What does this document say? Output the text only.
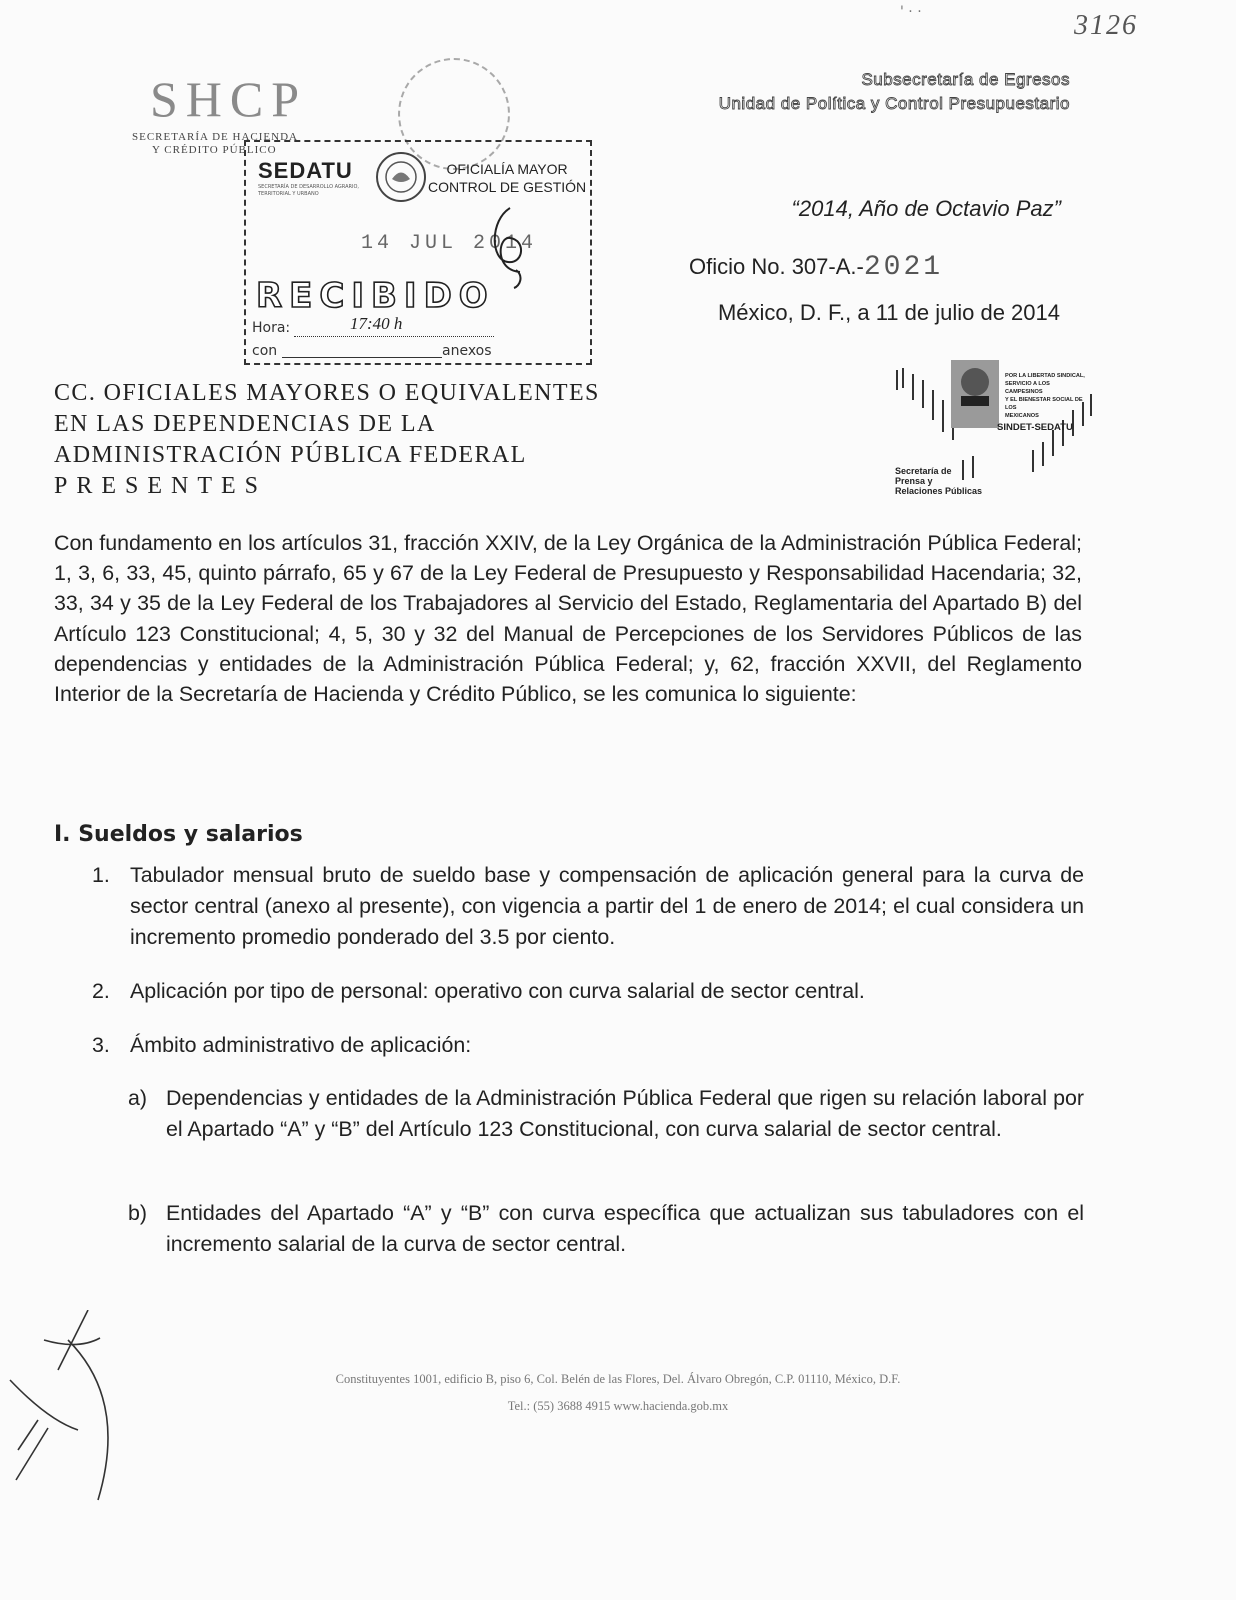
' · ·	3126
SHCP
SECRETARÍA DE HACIENDA
Y CRÉDITO PÚBLICO
Subsecretaría de Egresos
Unidad de Política y Control Presupuestario
SEDATU
SECRETARÍA DE DESARROLLO AGRARIO, TERRITORIAL Y URBANO
OFICIALÍA MAYOR
CONTROL DE GESTIÓN
14 JUL 2014
RECIBIDO
Hora:	17:40 h
con	anexos
“2014, Año de Octavio Paz”
Oficio No. 307-A.-2021
México, D. F., a 11 de julio de 2014
POR LA LIBERTAD SINDICAL,
SERVICIO A LOS CAMPESINOS
Y EL BIENESTAR SOCIAL DE LOS
MEXICANOS
SINDET-SEDATU
Secretaría de
Prensa y
Relaciones Públicas
CC. OFICIALES MAYORES O EQUIVALENTES
EN LAS DEPENDENCIAS DE LA
ADMINISTRACIÓN PÚBLICA FEDERAL
PRESENTES
Con fundamento en los artículos 31, fracción XXIV, de la Ley Orgánica de la Administración Pública Federal; 1, 3, 6, 33, 45, quinto párrafo, 65 y 67 de la Ley Federal de Presupuesto y Responsabilidad Hacendaria; 32, 33, 34 y 35 de la Ley Federal de los Trabajadores al Servicio del Estado, Reglamentaria del Apartado B) del Artículo 123 Constitucional; 4, 5, 30 y 32 del Manual de Percepciones de los Servidores Públicos de las dependencias y entidades de la Administración Pública Federal; y, 62, fracción XXVII, del Reglamento Interior de la Secretaría de Hacienda y Crédito Público, se les comunica lo siguiente:
I. Sueldos y salarios
1. Tabulador mensual bruto de sueldo base y compensación de aplicación general para la curva de sector central (anexo al presente), con vigencia a partir del 1 de enero de 2014; el cual considera un incremento promedio ponderado del 3.5 por ciento.
2. Aplicación por tipo de personal: operativo con curva salarial de sector central.
3. Ámbito administrativo de aplicación:
a) Dependencias y entidades de la Administración Pública Federal que rigen su relación laboral por el Apartado “A” y “B” del Artículo 123 Constitucional, con curva salarial de sector central.
b) Entidades del Apartado “A” y “B” con curva específica que actualizan sus tabuladores con el incremento salarial de la curva de sector central.
Constituyentes 1001, edificio B, piso 6, Col. Belén de las Flores, Del. Álvaro Obregón, C.P. 01110, México, D.F.
Tel.: (55) 3688 4915 www.hacienda.gob.mx
